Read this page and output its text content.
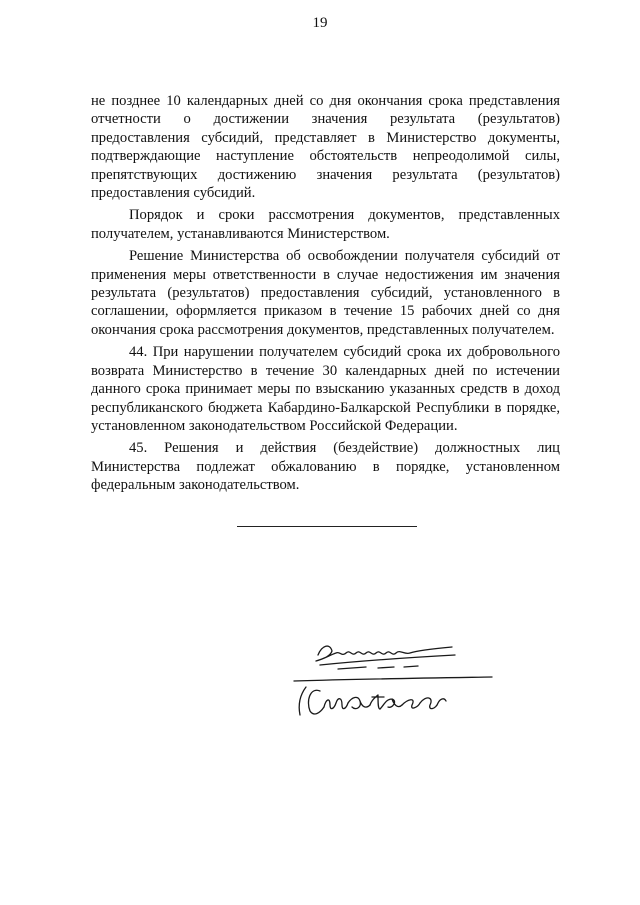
19

не позднее 10 календарных дней со дня окончания срока представления отчетности о достижении значения результата (результатов) предоставления субсидий, представляет в Министерство документы, подтверждающие наступление обстоятельств непреодолимой силы, препятствующих достижению значения результата (результатов) предоставления субсидий.

Порядок и сроки рассмотрения документов, представленных получателем, устанавливаются Министерством.

Решение Министерства об освобождении получателя субсидий от применения меры ответственности в случае недостижения им значения результата (результатов) предоставления субсидий, установленного в соглашении, оформляется приказом в течение 15 рабочих дней со дня окончания срока рассмотрения документов, представленных получателем.

44. При нарушении получателем субсидий срока их добровольного возврата Министерство в течение 30 календарных дней по истечении данного срока принимает меры по взысканию указанных средств в доход республиканского бюджета Кабардино-Балкарской Республики в порядке, установленном законодательством Российской Федерации.

45. Решения и действия (бездействие) должностных лиц Министерства подлежат обжалованию в порядке, установленном федеральным законодательством.
